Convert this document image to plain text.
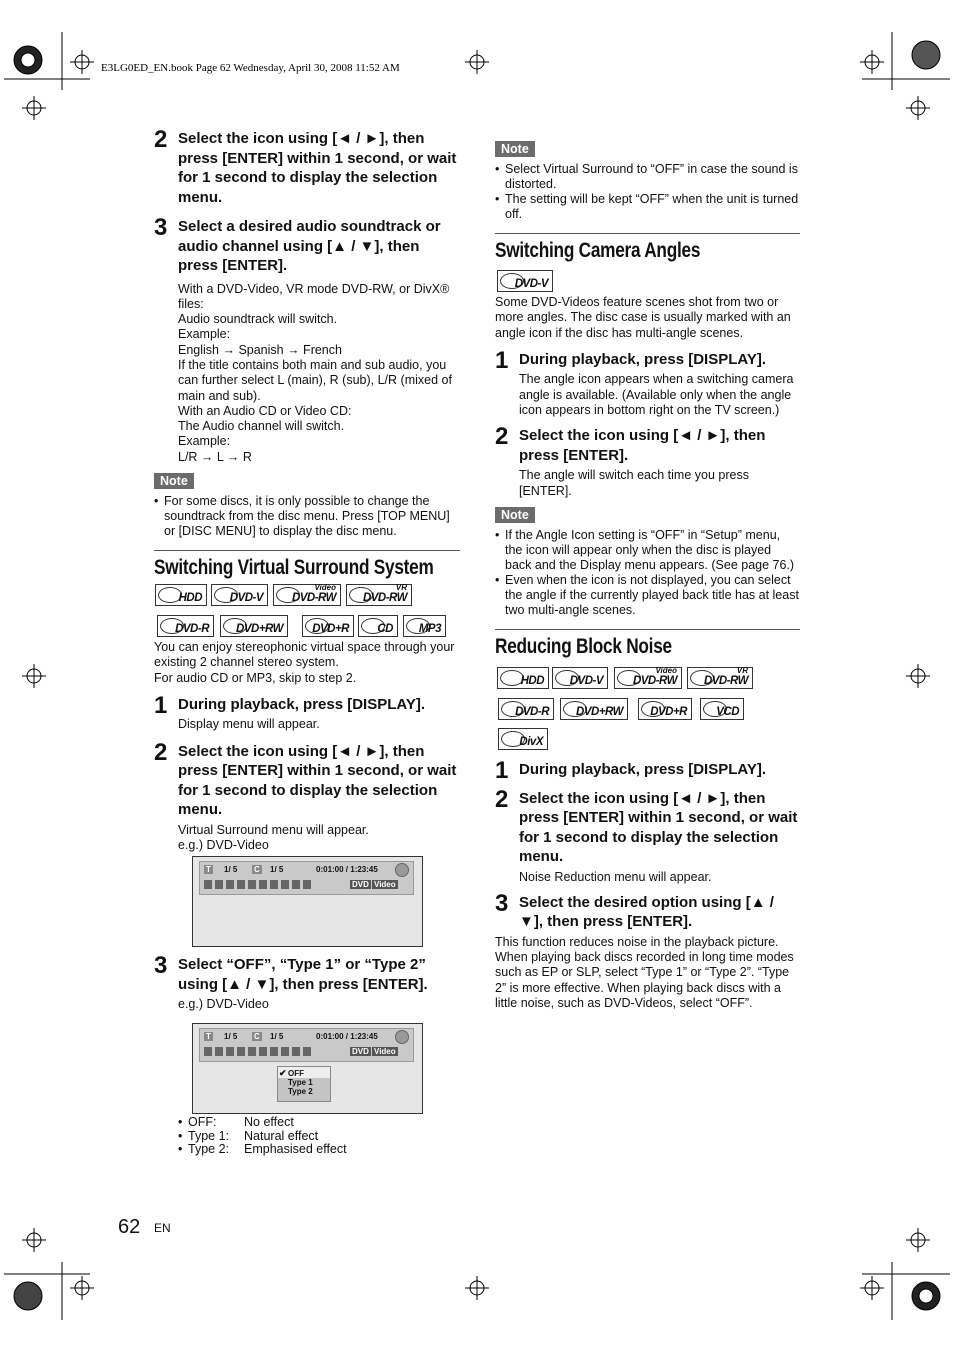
E3LG0ED_EN.book Page 62 Wednesday, April 30, 2008 11:52 AM
2 Select the icon using [◄ / ►], then press [ENTER] within 1 second, or wait for 1 second to display the selection menu.
3 Select a desired audio soundtrack or audio channel using [▲ / ▼], then press [ENTER].
With a DVD-Video, VR mode DVD-RW, or DivX® files:
Audio soundtrack will switch.
Example:
English → Spanish → French
If the title contains both main and sub audio, you can further select L (main), R (sub), L/R (mixed of main and sub).
With an Audio CD or Video CD:
The Audio channel will switch.
Example:
L/R → L → R
Note
• For some discs, it is only possible to change the soundtrack from the disc menu. Press [TOP MENU] or [DISC MENU] to display the disc menu.
Switching Virtual Surround System
HDD DVD-V
Video
DVD-RW
VR
DVD-RW
DVD-R DVD+RW	DVD+R CD MP3
You can enjoy stereophonic virtual space through your existing 2 channel stereo system.
For audio CD or MP3, skip to step 2.
1 During playback, press [DISPLAY].
Display menu will appear.
2 Select the icon using [◄ / ►], then press [ENTER] within 1 second, or wait for 1 second to display the selection menu.
Virtual Surround menu will appear.
e.g.) DVD-Video
T 1/ 5 C 1/ 5	0:01:00 / 1:23:45
DVD Video
3 Select “OFF”, “Type 1” or “Type 2” using [▲ / ▼], then press [ENTER].
e.g.) DVD-Video
T 1/ 5 C 1/ 5	0:01:00 / 1:23:45
DVD Video
OFF
✔
Type 1
Type 2
• OFF: No effect
• Type 1: Natural effect
• Type 2: Emphasised effect
Note
• Select Virtual Surround to “OFF” in case the sound is distorted.
• The setting will be kept “OFF” when the unit is turned off.
Switching Camera Angles
DVD-V
Some DVD-Videos feature scenes shot from two or more angles. The disc case is usually marked with an angle icon if the disc has multi-angle scenes.
1 During playback, press [DISPLAY].
The angle icon appears when a switching camera angle is available. (Available only when the angle icon appears in bottom right on the TV screen.)
2 Select the icon using [◄ / ►], then press [ENTER].
The angle will switch each time you press [ENTER].
Note
• If the Angle Icon setting is “OFF” in “Setup” menu, the icon will appear only when the disc is played back and the Display menu appears. (See page 76.)
• Even when the icon is not displayed, you can select the angle if the currently played back title has at least two multi-angle scenes.
Reducing Block Noise
HDD DVD-V
Video
DVD-RW
VR
DVD-RW
DVD-R DVD+RW DVD+R	VCD
DivX
1 During playback, press [DISPLAY].
2 Select the icon using [◄ / ►], then press [ENTER] within 1 second, or wait for 1 second to display the selection menu.
Noise Reduction menu will appear.
3 Select the desired option using [▲ / ▼], then press [ENTER].
This function reduces noise in the playback picture. When playing back discs recorded in long time modes such as EP or SLP, select “Type 1” or “Type 2”. “Type 2” is more effective. When playing back discs with a little noise, such as DVD-Videos, select “OFF”.
62 EN
